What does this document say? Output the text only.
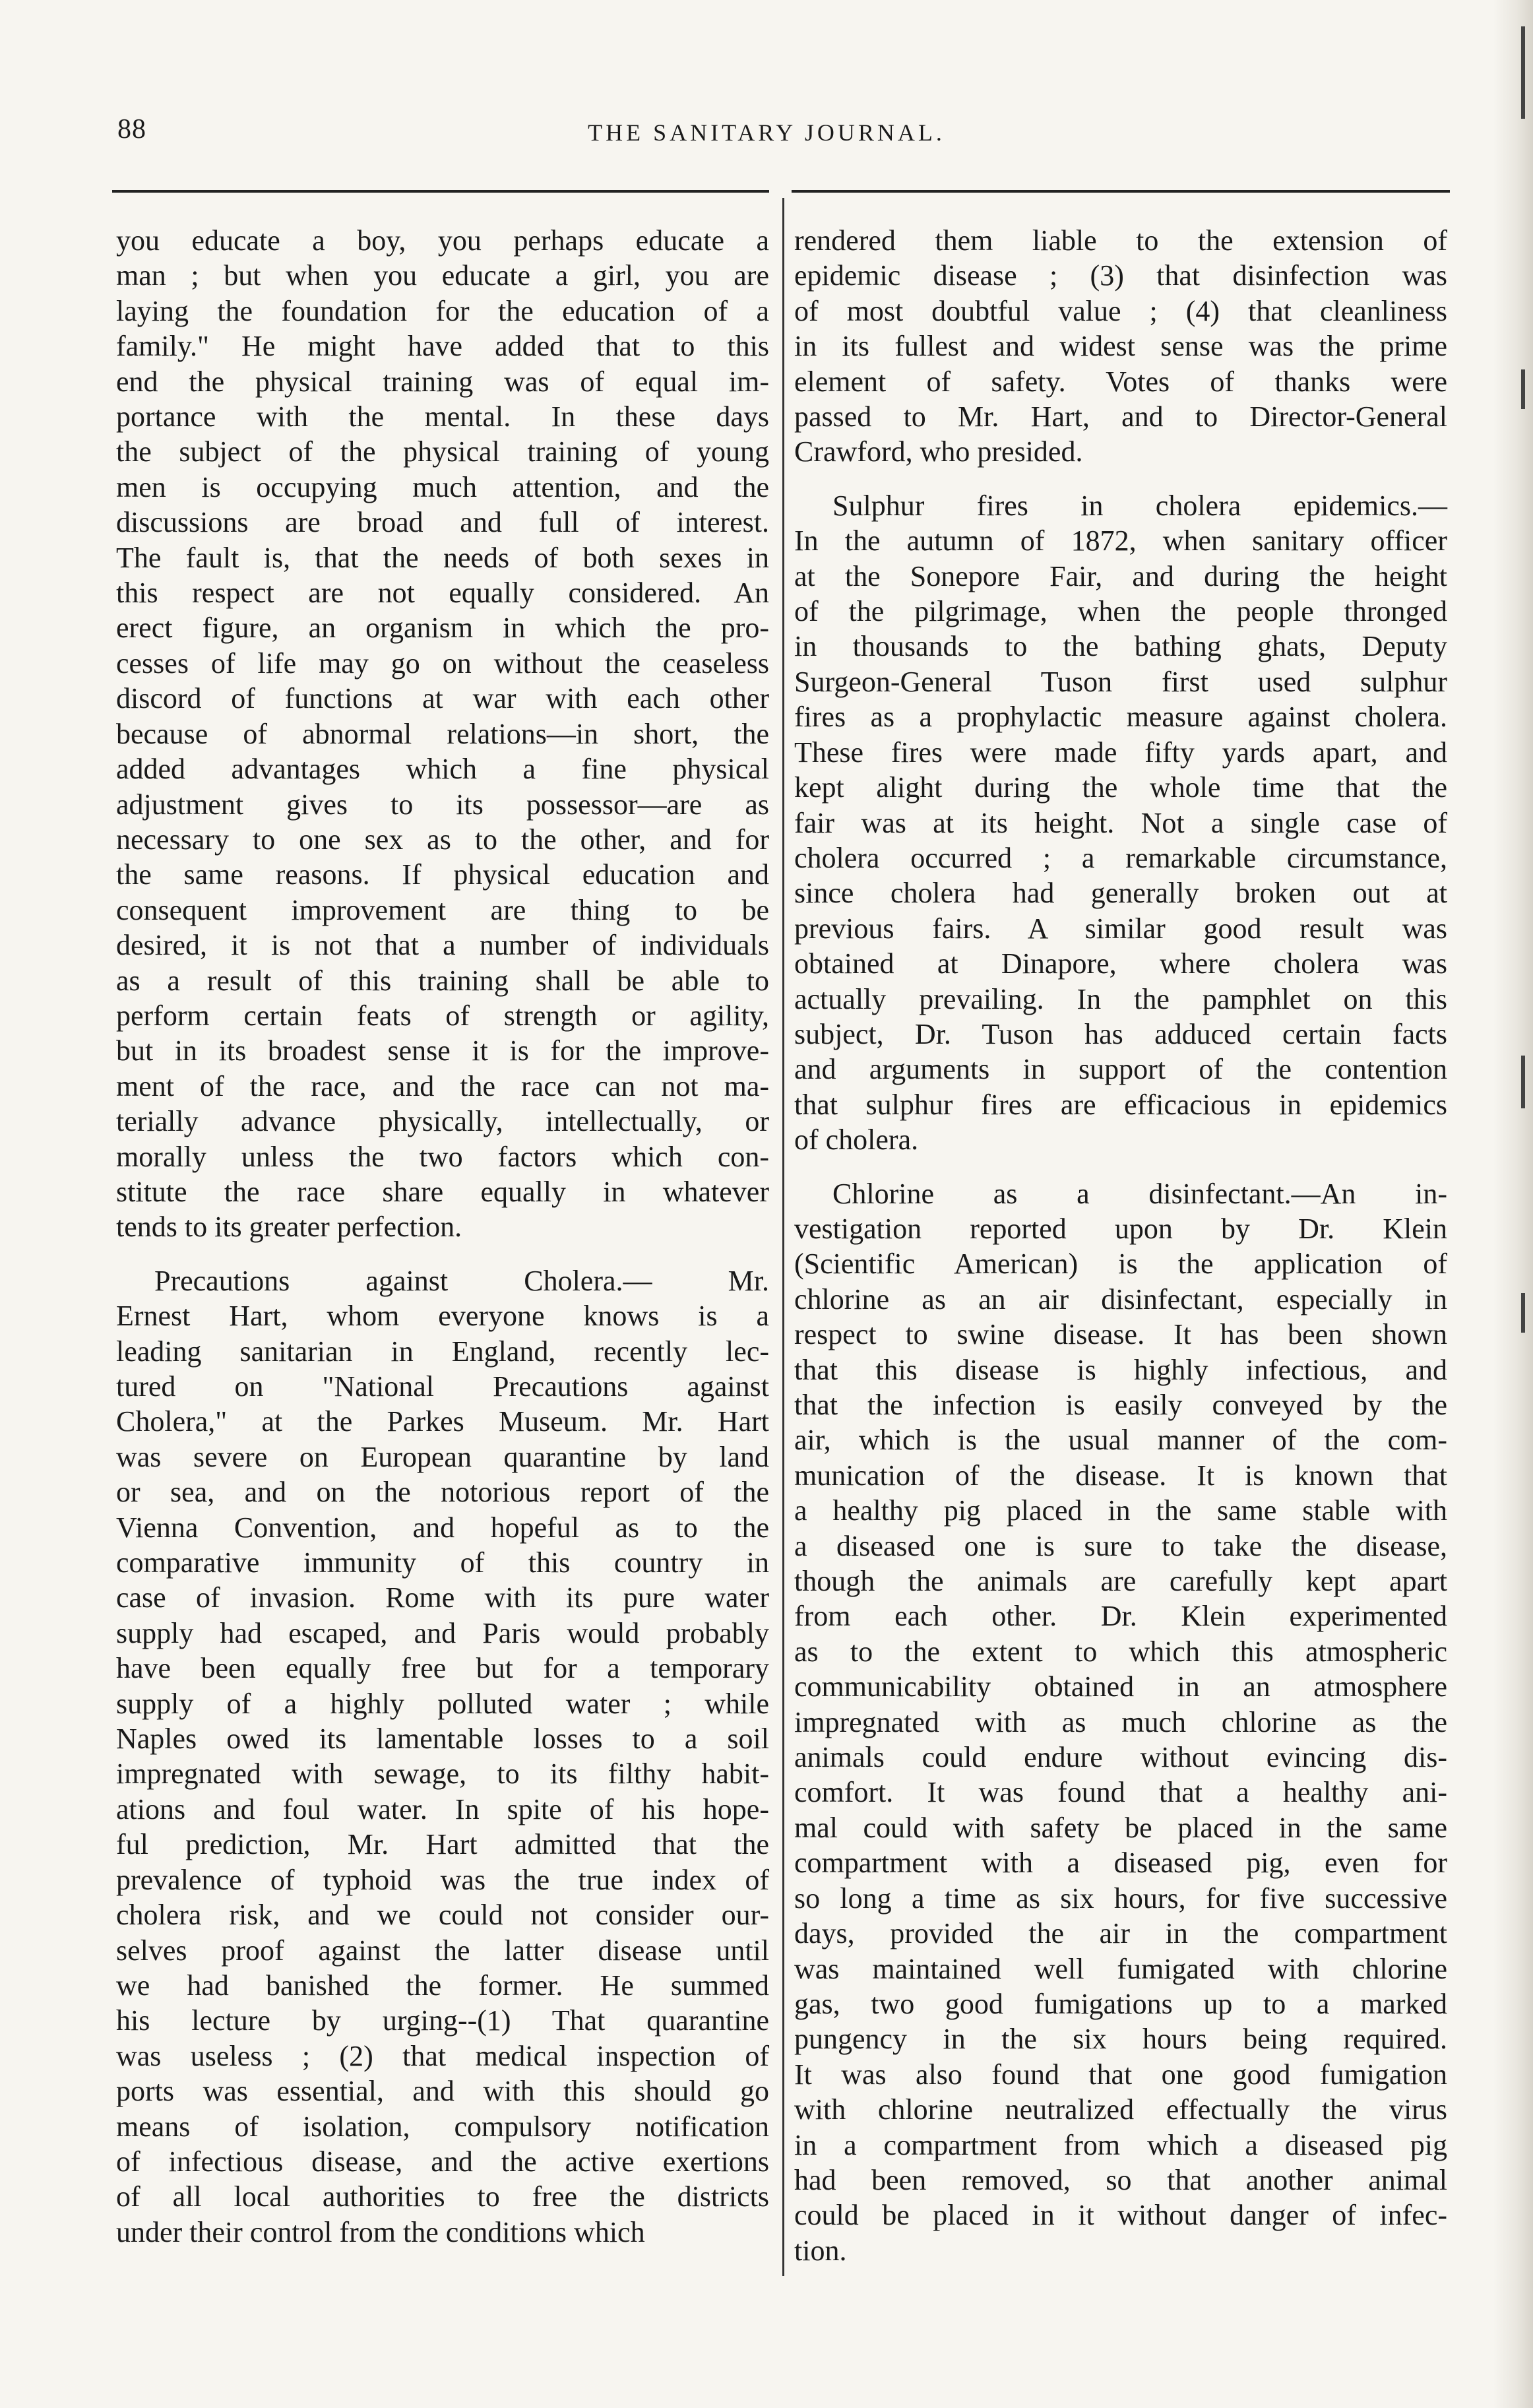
88	THE SANITARY JOURNAL.
you educate a boy, you perhaps educate a
man ; but when you educate a girl, you are
laying the foundation for the education of a
family." He might have added that to this
end the physical training was of equal im-
portance with the mental. In these days
the subject of the physical training of young
men is occupying much attention, and the
discussions are broad and full of interest.
The fault is, that the needs of both sexes in
this respect are not equally considered. An
erect figure, an organism in which the pro-
cesses of life may go on without the ceaseless
discord of functions at war with each other
because of abnormal relations—in short, the
added advantages which a fine physical
adjustment gives to its possessor—are as
necessary to one sex as to the other, and for
the same reasons. If physical education and
consequent improvement are thing to be
desired, it is not that a number of individuals
as a result of this training shall be able to
perform certain feats of strength or agility,
but in its broadest sense it is for the improve-
ment of the race, and the race can not ma-
terially advance physically, intellectually, or
morally unless the two factors which con-
stitute the race share equally in whatever
tends to its greater perfection.
Precautions against Cholera.— Mr.
Ernest Hart, whom everyone knows is a
leading sanitarian in England, recently lec-
tured on "National Precautions against
Cholera," at the Parkes Museum. Mr. Hart
was severe on European quarantine by land
or sea, and on the notorious report of the
Vienna Convention, and hopeful as to the
comparative immunity of this country in
case of invasion. Rome with its pure water
supply had escaped, and Paris would probably
have been equally free but for a temporary
supply of a highly polluted water ; while
Naples owed its lamentable losses to a soil
impregnated with sewage, to its filthy habit-
ations and foul water. In spite of his hope-
ful prediction, Mr. Hart admitted that the
prevalence of typhoid was the true index of
cholera risk, and we could not consider our-
selves proof against the latter disease until
we had banished the former. He summed
his lecture by urging--(1) That quarantine
was useless ; (2) that medical inspection of
ports was essential, and with this should go
means of isolation, compulsory notification
of infectious disease, and the active exertions
of all local authorities to free the districts
under their control from the conditions which
rendered them liable to the extension of
epidemic disease ; (3) that disinfection was
of most doubtful value ; (4) that cleanliness
in its fullest and widest sense was the prime
element of safety. Votes of thanks were
passed to Mr. Hart, and to Director-General
Crawford, who presided.
Sulphur fires in cholera epidemics.—
In the autumn of 1872, when sanitary officer
at the Sonepore Fair, and during the height
of the pilgrimage, when the people thronged
in thousands to the bathing ghats, Deputy
Surgeon-General Tuson first used sulphur
fires as a prophylactic measure against cholera.
These fires were made fifty yards apart, and
kept alight during the whole time that the
fair was at its height. Not a single case of
cholera occurred ; a remarkable circumstance,
since cholera had generally broken out at
previous fairs. A similar good result was
obtained at Dinapore, where cholera was
actually prevailing. In the pamphlet on this
subject, Dr. Tuson has adduced certain facts
and arguments in support of the contention
that sulphur fires are efficacious in epidemics
of cholera.
Chlorine as a disinfectant.—An in-
vestigation reported upon by Dr. Klein
(Scientific American) is the application of
chlorine as an air disinfectant, especially in
respect to swine disease. It has been shown
that this disease is highly infectious, and
that the infection is easily conveyed by the
air, which is the usual manner of the com-
munication of the disease. It is known that
a healthy pig placed in the same stable with
a diseased one is sure to take the disease,
though the animals are carefully kept apart
from each other. Dr. Klein experimented
as to the extent to which this atmospheric
communicability obtained in an atmosphere
impregnated with as much chlorine as the
animals could endure without evincing dis-
comfort. It was found that a healthy ani-
mal could with safety be placed in the same
compartment with a diseased pig, even for
so long a time as six hours, for five successive
days, provided the air in the compartment
was maintained well fumigated with chlorine
gas, two good fumigations up to a marked
pungency in the six hours being required.
It was also found that one good fumigation
with chlorine neutralized effectually the virus
in a compartment from which a diseased pig
had been removed, so that another animal
could be placed in it without danger of infec-
tion.
